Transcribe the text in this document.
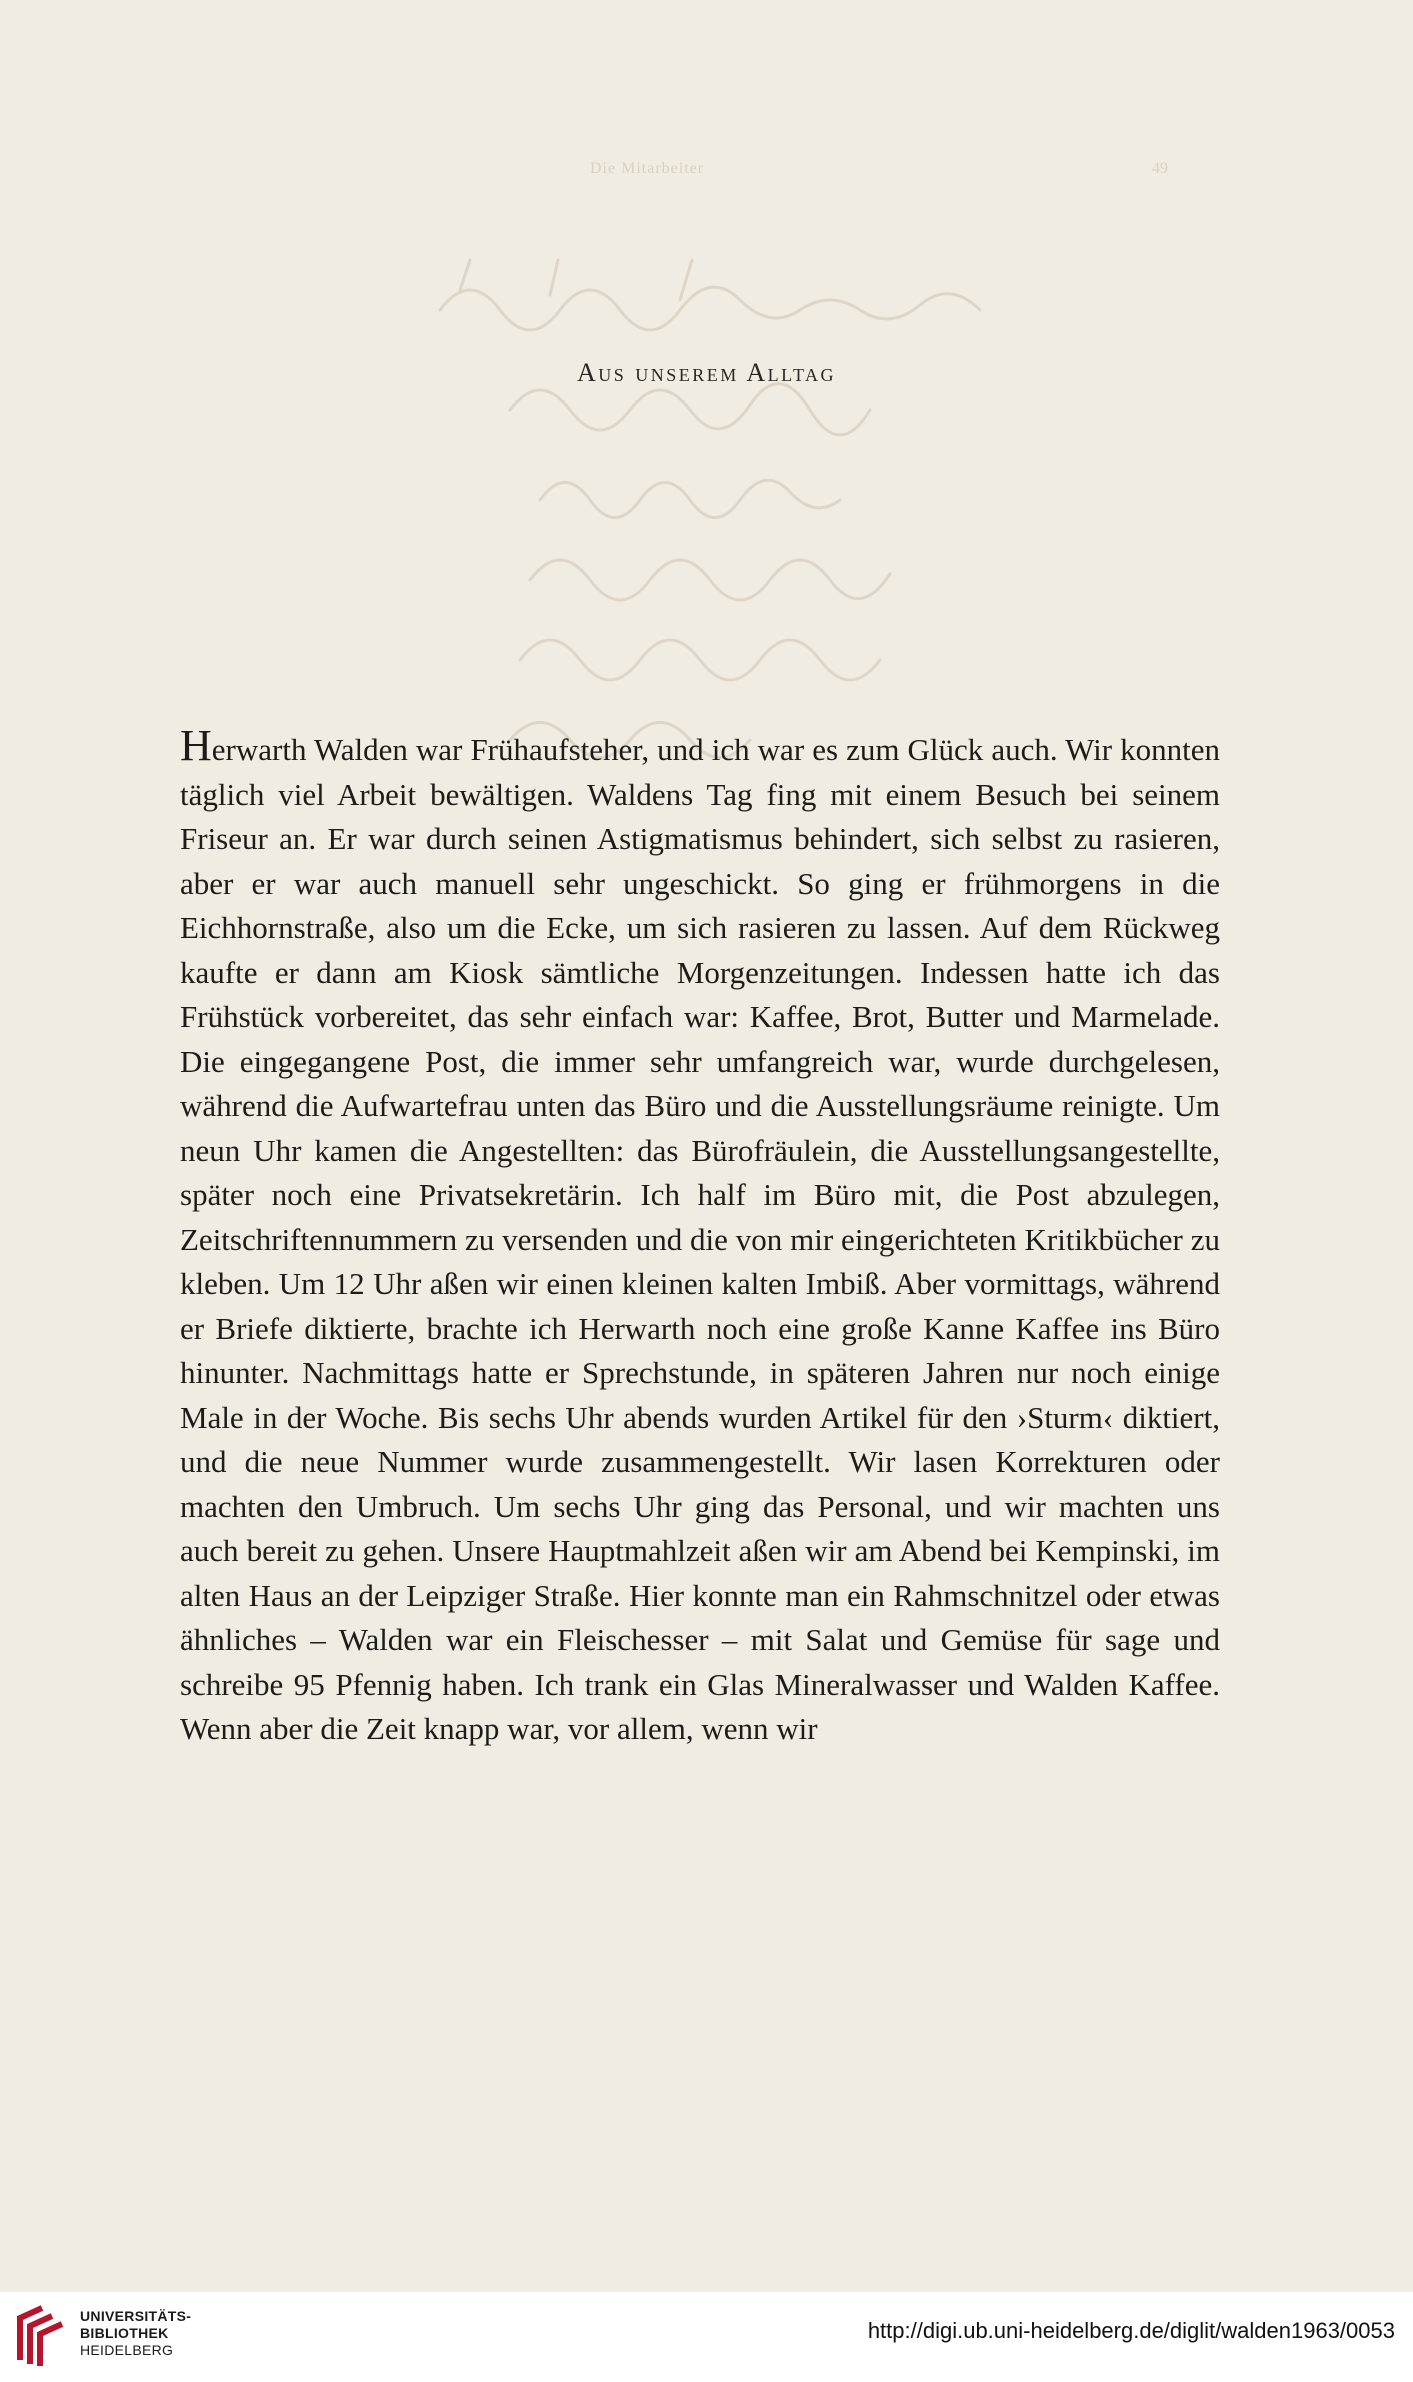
Die Mitarbeiter	49
Aus unserem Alltag

Herwarth Walden war Frühaufsteher, und ich war es zum Glück auch. Wir konnten täglich viel Arbeit bewältigen. Waldens Tag fing mit einem Besuch bei seinem Friseur an. Er war durch seinen Astigmatismus behindert, sich selbst zu rasieren, aber er war auch manuell sehr ungeschickt. So ging er frühmorgens in die Eichhornstraße, also um die Ecke, um sich rasieren zu lassen. Auf dem Rückweg kaufte er dann am Kiosk sämtliche Morgenzeitungen. Indessen hatte ich das Frühstück vorbereitet, das sehr einfach war: Kaffee, Brot, Butter und Marmelade. Die eingegangene Post, die immer sehr umfangreich war, wurde durchgelesen, während die Aufwartefrau unten das Büro und die Ausstellungsräume reinigte. Um neun Uhr kamen die Angestellten: das Bürofräulein, die Ausstellungsangestellte, später noch eine Privatsekretärin. Ich half im Büro mit, die Post abzulegen, Zeitschriftennummern zu versenden und die von mir eingerichteten Kritikbücher zu kleben. Um 12 Uhr aßen wir einen kleinen kalten Imbiß. Aber vormittags, während er Briefe diktierte, brachte ich Herwarth noch eine große Kanne Kaffee ins Büro hinunter. Nachmittags hatte er Sprechstunde, in späteren Jahren nur noch einige Male in der Woche. Bis sechs Uhr abends wurden Artikel für den ›Sturm‹ diktiert, und die neue Nummer wurde zusammengestellt. Wir lasen Korrekturen oder machten den Umbruch. Um sechs Uhr ging das Personal, und wir machten uns auch bereit zu gehen. Unsere Hauptmahlzeit aßen wir am Abend bei Kempinski, im alten Haus an der Leipziger Straße. Hier konnte man ein Rahmschnitzel oder etwas ähnliches – Walden war ein Fleischesser – mit Salat und Gemüse für sage und schreibe 95 Pfennig haben. Ich trank ein Glas Mineralwasser und Walden Kaffee. Wenn aber die Zeit knapp war, vor allem, wenn wir

UNIVERSITÄTS-
BIBLIOTHEK
HEIDELBERG
http://digi.ub.uni-heidelberg.de/diglit/walden1963/0053
